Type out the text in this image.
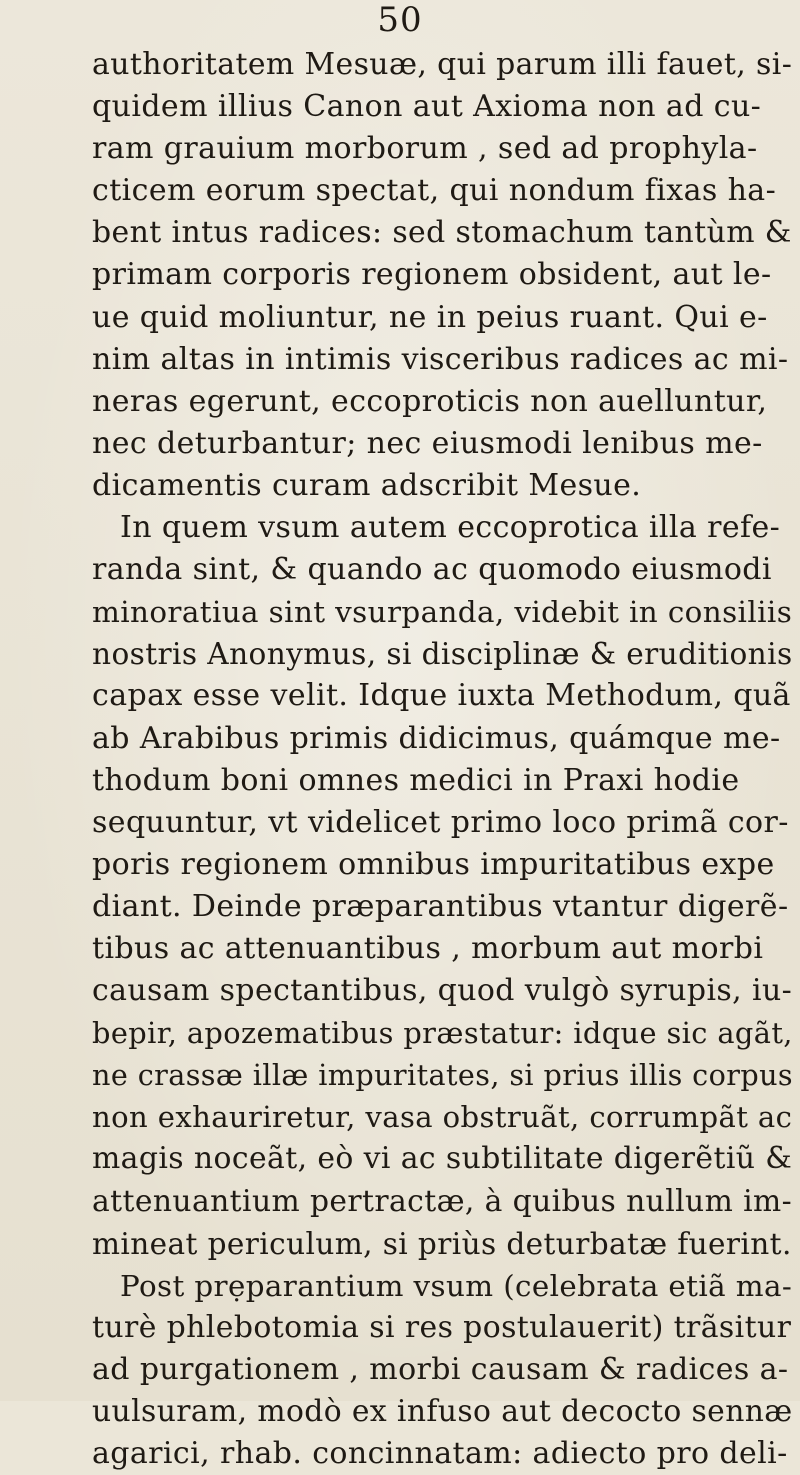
50
authoritatem Mesuæ, qui parum illi fauet, si-
quidem illius Canon aut Axioma non ad cu-
ram grauium morborum , sed ad prophyla-
cticem eorum spectat, qui nondum fixas ha-
bent intus radices: sed stomachum tantùm &
primam corporis regionem obsident, aut le-
ue quid moliuntur, ne in peius ruant. Qui e-
nim altas in intimis visceribus radices ac mi-
neras egerunt, eccoproticis non auelluntur,
nec deturbantur; nec eiusmodi lenibus me-
dicamentis curam adscribit Mesue.
In quem vsum autem eccoprotica illa refe-
randa sint, & quando ac quomodo eiusmodi
minoratiua sint vsurpanda, videbit in consiliis
nostris Anonymus, si disciplinæ & eruditionis
capax esse velit. Idque iuxta Methodum, quã
ab Arabibus primis didicimus, quámque me-
thodum boni omnes medici in Praxi hodie
sequuntur, vt videlicet primo loco primã cor-
poris regionem omnibus impuritatibus expe
diant. Deinde præparantibus vtantur digerẽ-
tibus ac attenuantibus , morbum aut morbi
causam spectantibus, quod vulgò syrupis, iu-
bepir, apozematibus præstatur: idque sic agãt,
ne crassæ illæ impuritates, si prius illis corpus
non exhauriretur, vasa obstruãt, corrumpãt ac
magis noceãt, eò vi ac subtilitate digerẽtiũ &
attenuantium pertractæ, à quibus nullum im-
mineat periculum, si priùs deturbatæ fuerint.
Post prẹparantium vsum (celebrata etiã ma-
turè phlebotomia si res postulauerit) trãsitur
ad purgationem , morbi causam & radices a-
uulsuram, modò ex infuso aut decocto sennæ
agarici, rhab. concinnatam: adiecto pro deli-
